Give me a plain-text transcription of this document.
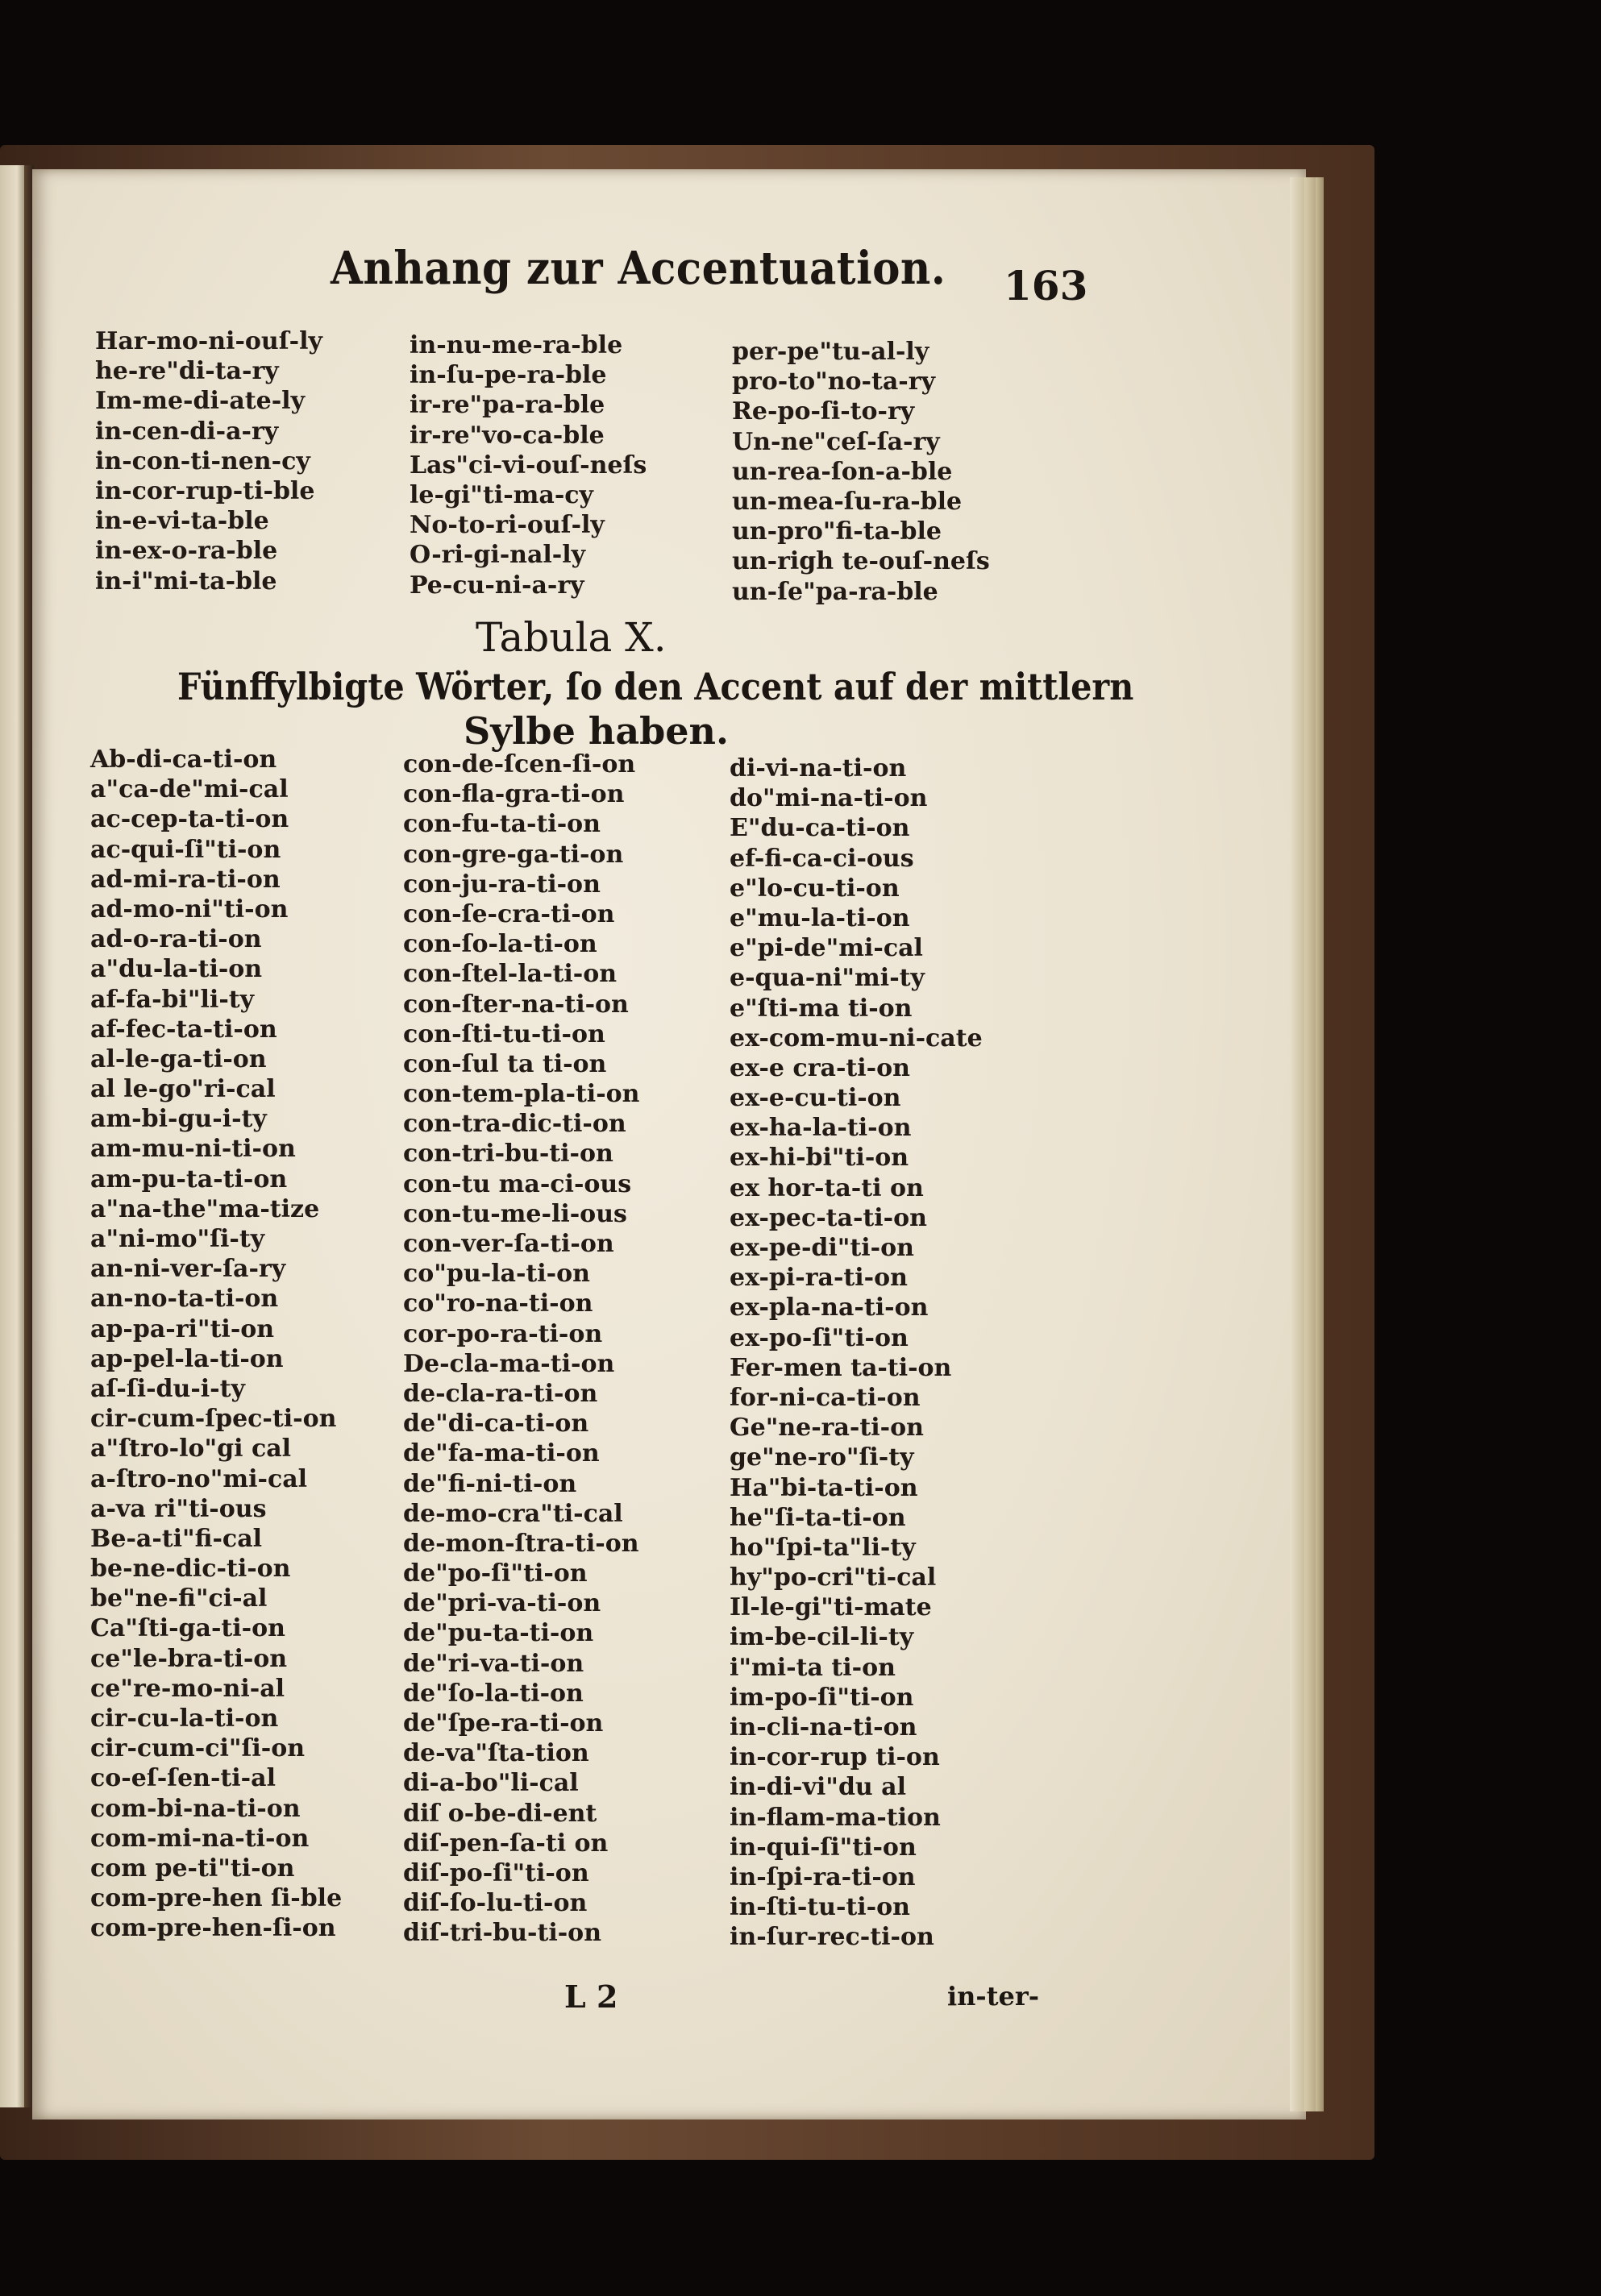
Anhang zur Accentuation. 163
Har-mo-ni-ouſ-ly
he-re"di-ta-ry
Im-me-di-ate-ly
in-cen-di-a-ry
in-con-ti-nen-cy
in-cor-rup-ti-ble
in-e-vi-ta-ble
in-ex-o-ra-ble
in-i"mi-ta-ble
in-nu-me-ra-ble
in-ſu-pe-ra-ble
ir-re"pa-ra-ble
ir-re"vo-ca-ble
Las"ci-vi-ouſ-neſs
le-gi"ti-ma-cy
No-to-ri-ouſ-ly
O-ri-gi-nal-ly
Pe-cu-ni-a-ry
per-pe"tu-al-ly
pro-to"no-ta-ry
Re-po-ſi-to-ry
Un-ne"ceſ-ſa-ry
un-rea-ſon-a-ble
un-mea-ſu-ra-ble
un-pro"fi-ta-ble
un-righ te-ouſ-neſs
un-ſe"pa-ra-ble
Tabula X.
Fünffylbigte Wörter, ſo den Accent auf der mittlern
Sylbe haben.
Ab-di-ca-ti-on
a"ca-de"mi-cal
ac-cep-ta-ti-on
ac-qui-ſi"ti-on
ad-mi-ra-ti-on
ad-mo-ni"ti-on
ad-o-ra-ti-on
a"du-la-ti-on
af-fa-bi"li-ty
af-fec-ta-ti-on
al-le-ga-ti-on
al le-go"ri-cal
am-bi-gu-i-ty
am-mu-ni-ti-on
am-pu-ta-ti-on
a"na-the"ma-tize
a"ni-mo"ſi-ty
an-ni-ver-ſa-ry
an-no-ta-ti-on
ap-pa-ri"ti-on
ap-pel-la-ti-on
aſ-ſi-du-i-ty
cir-cum-ſpec-ti-on
a"ſtro-lo"gi cal
a-ſtro-no"mi-cal
a-va ri"ti-ous
Be-a-ti"fi-cal
be-ne-dic-ti-on
be"ne-fi"ci-al
Ca"ſti-ga-ti-on
ce"le-bra-ti-on
ce"re-mo-ni-al
cir-cu-la-ti-on
cir-cum-ci"ſi-on
co-eſ-ſen-ti-al
com-bi-na-ti-on
com-mi-na-ti-on
com pe-ti"ti-on
com-pre-hen ſi-ble
com-pre-hen-ſi-on
con-de-ſcen-ſi-on
con-fla-gra-ti-on
con-fu-ta-ti-on
con-gre-ga-ti-on
con-ju-ra-ti-on
con-ſe-cra-ti-on
con-ſo-la-ti-on
con-ſtel-la-ti-on
con-ſter-na-ti-on
con-ſti-tu-ti-on
con-ſul ta ti-on
con-tem-pla-ti-on
con-tra-dic-ti-on
con-tri-bu-ti-on
con-tu ma-ci-ous
con-tu-me-li-ous
con-ver-ſa-ti-on
co"pu-la-ti-on
co"ro-na-ti-on
cor-po-ra-ti-on
De-cla-ma-ti-on
de-cla-ra-ti-on
de"di-ca-ti-on
de"fa-ma-ti-on
de"fi-ni-ti-on
de-mo-cra"ti-cal
de-mon-ſtra-ti-on
de"po-ſi"ti-on
de"pri-va-ti-on
de"pu-ta-ti-on
de"ri-va-ti-on
de"ſo-la-ti-on
de"ſpe-ra-ti-on
de-va"ſta-tion
di-a-bo"li-cal
diſ o-be-di-ent
diſ-pen-ſa-ti on
diſ-po-ſi"ti-on
diſ-ſo-lu-ti-on
diſ-tri-bu-ti-on
di-vi-na-ti-on
do"mi-na-ti-on
E"du-ca-ti-on
ef-fi-ca-ci-ous
e"lo-cu-ti-on
e"mu-la-ti-on
e"pi-de"mi-cal
e-qua-ni"mi-ty
e"ſti-ma ti-on
ex-com-mu-ni-cate
ex-e cra-ti-on
ex-e-cu-ti-on
ex-ha-la-ti-on
ex-hi-bi"ti-on
ex hor-ta-ti on
ex-pec-ta-ti-on
ex-pe-di"ti-on
ex-pi-ra-ti-on
ex-pla-na-ti-on
ex-po-ſi"ti-on
Fer-men ta-ti-on
for-ni-ca-ti-on
Ge"ne-ra-ti-on
ge"ne-ro"ſi-ty
Ha"bi-ta-ti-on
he"ſi-ta-ti-on
ho"ſpi-ta"li-ty
hy"po-cri"ti-cal
Il-le-gi"ti-mate
im-be-cil-li-ty
i"mi-ta ti-on
im-po-ſi"ti-on
in-cli-na-ti-on
in-cor-rup ti-on
in-di-vi"du al
in-flam-ma-tion
in-qui-ſi"ti-on
in-ſpi-ra-ti-on
in-ſti-tu-ti-on
in-ſur-rec-ti-on
L 2	in-ter-
